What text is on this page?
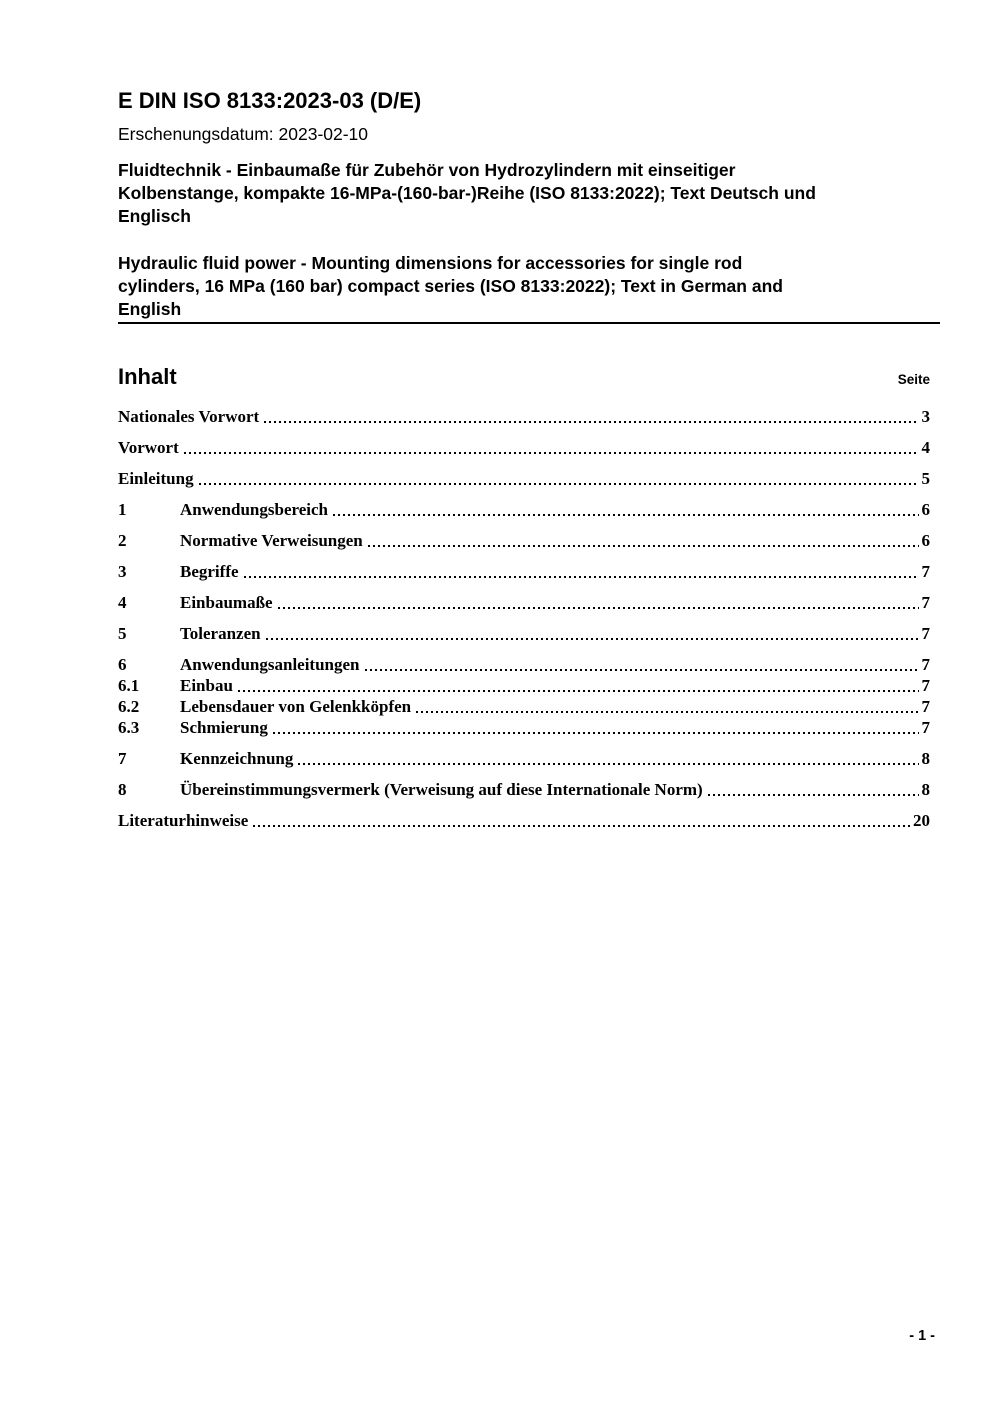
E DIN ISO 8133:2023-03 (D/E)
Erschenungsdatum: 2023-02-10
Fluidtechnik - Einbaumaße für Zubehör von Hydrozylindern mit einseitiger
Kolbenstange, kompakte 16-MPa-(160-bar-)Reihe (ISO 8133:2022); Text Deutsch und
Englisch
Hydraulic fluid power - Mounting dimensions for accessories for single rod
cylinders, 16 MPa (160 bar) compact series (ISO 8133:2022); Text in German and
English
Inhalt	Seite
Nationales Vorwort	3
Vorwort	4
Einleitung	5
1	Anwendungsbereich	6
2	Normative Verweisungen	6
3	Begriffe	7
4	Einbaumaße	7
5	Toleranzen	7
6	Anwendungsanleitungen	7
6.1	Einbau	7
6.2	Lebensdauer von Gelenkköpfen	7
6.3	Schmierung	7
7	Kennzeichnung	8
8	Übereinstimmungsvermerk (Verweisung auf diese Internationale Norm)	8
Literaturhinweise	20
- 1 -
